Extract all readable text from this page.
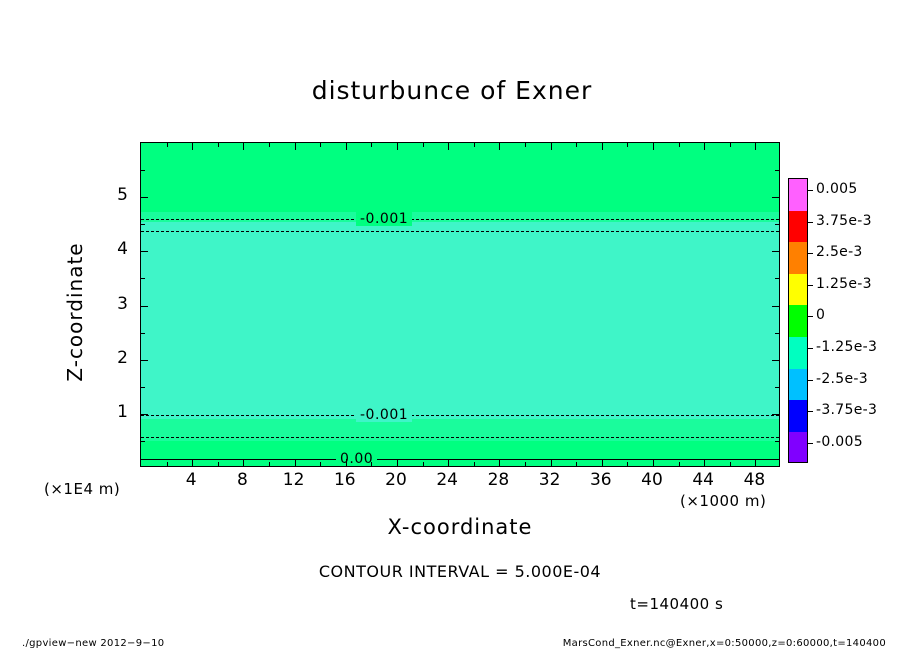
disturbunce of Exner
-0.001
-0.001
0.00
4	8	12	16	20	24	28	32	36	40	44	48
1
2
3
4
5
Z-coordinate
X-coordinate
(×1000 m)
(×1E4 m)
CONTOUR INTERVAL = 5.000E-04
t=140400 s
./gpview−new 2012−9−10	MarsCond_Exner.nc@Exner,x=0:50000,z=0:60000,t=140400
0.005
3.75e-3
2.5e-3
1.25e-3
0
-1.25e-3
-2.5e-3
-3.75e-3
-0.005
